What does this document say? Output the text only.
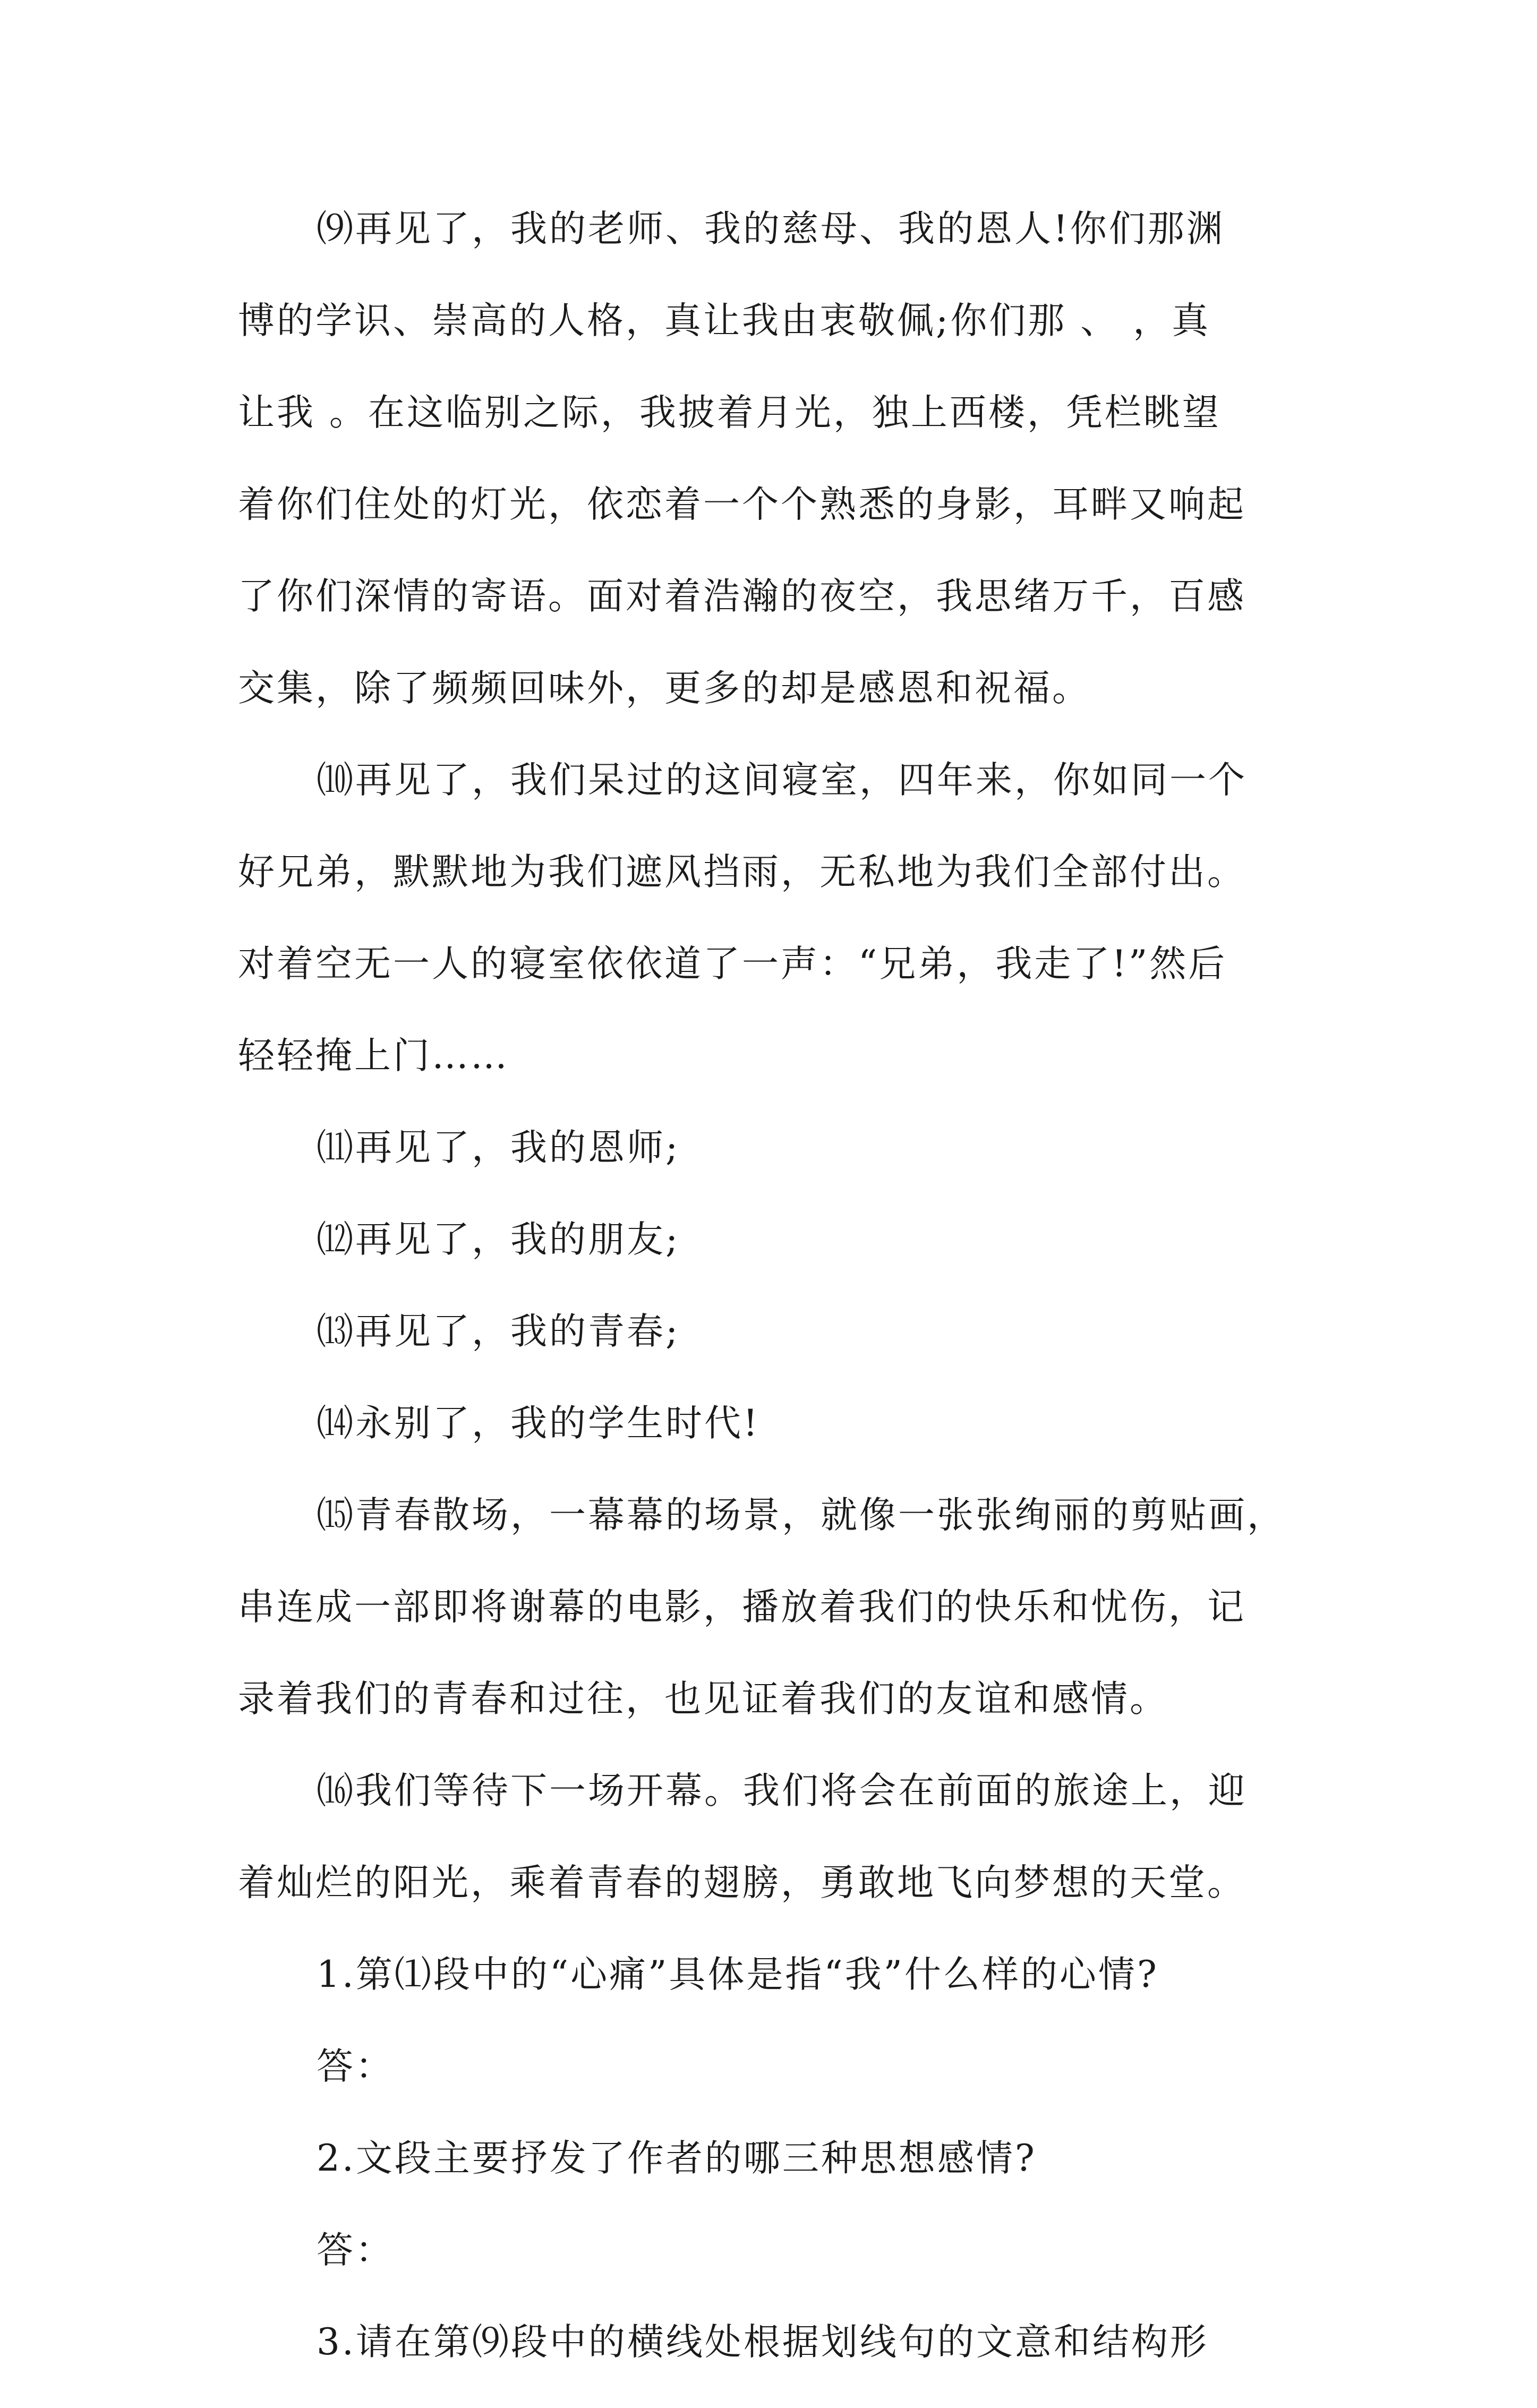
⑼再见了，我的老师、我的慈母、我的恩人!你们那渊
博的学识、崇高的人格，真让我由衷敬佩;你们那 、 ，真
让我 。在这临别之际，我披着月光，独上西楼，凭栏眺望
着你们住处的灯光，依恋着一个个熟悉的身影，耳畔又响起
了你们深情的寄语。面对着浩瀚的夜空，我思绪万千，百感
交集，除了频频回味外，更多的却是感恩和祝福。
⑽再见了，我们呆过的这间寝室，四年来，你如同一个
好兄弟，默默地为我们遮风挡雨，无私地为我们全部付出。
对着空无一人的寝室依依道了一声：“兄弟，我走了!”然后
轻轻掩上门……
⑾再见了，我的恩师;
⑿再见了，我的朋友;
⒀再见了，我的青春;
⒁永别了，我的学生时代!
⒂青春散场，一幕幕的场景，就像一张张绚丽的剪贴画，
串连成一部即将谢幕的电影，播放着我们的快乐和忧伤，记
录着我们的青春和过往，也见证着我们的友谊和感情。
⒃我们等待下一场开幕。我们将会在前面的旅途上，迎
着灿烂的阳光，乘着青春的翅膀，勇敢地飞向梦想的天堂。
1.第⑴段中的“心痛”具体是指“我”什么样的心情?
答：
2.文段主要抒发了作者的哪三种思想感情?
答：
3.请在第⑼段中的横线处根据划线句的文意和结构形
